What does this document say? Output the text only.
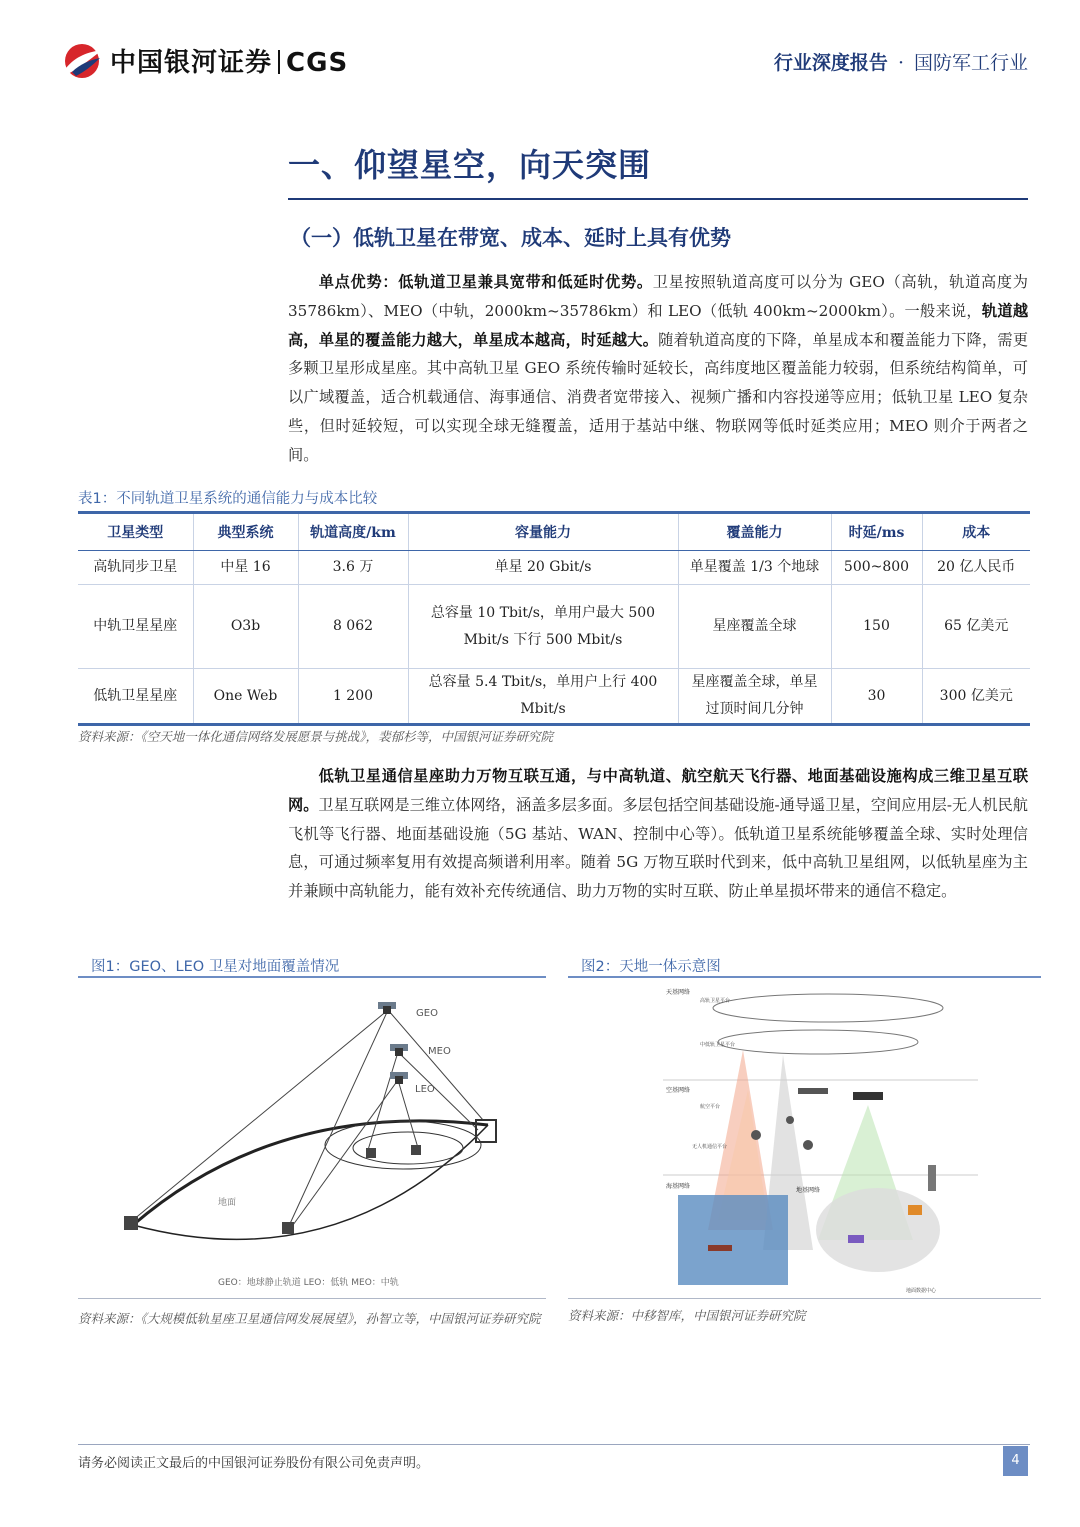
中国银河证券 CGS	行业深度报告 · 国防军工行业
一、仰望星空，向天突围
（一）低轨卫星在带宽、成本、延时上具有优势
单点优势：低轨道卫星兼具宽带和低延时优势。卫星按照轨道高度可以分为 GEO（高轨，轨道高度为 35786km）、MEO（中轨，2000km~35786km）和 LEO（低轨 400km~2000km）。一般来说，轨道越高，单星的覆盖能力越大，单星成本越高，时延越大。随着轨道高度的下降，单星成本和覆盖能力下降，需更多颗卫星形成星座。其中高轨卫星 GEO 系统传输时延较长，高纬度地区覆盖能力较弱，但系统结构简单，可以广域覆盖，适合机载通信、海事通信、消费者宽带接入、视频广播和内容投递等应用；低轨卫星 LEO 复杂些，但时延较短，可以实现全球无缝覆盖，适用于基站中继、物联网等低时延类应用；MEO 则介于两者之间。
表1：不同轨道卫星系统的通信能力与成本比较
卫星类型	典型系统	轨道高度/km	容量能力	覆盖能力	时延/ms	成本
高轨同步卫星	中星 16	3.6 万	单星 20 Gbit/s	单星覆盖 1/3 个地球	500~800	20 亿人民币
中轨卫星星座	O3b	8 062	总容量 10 Tbit/s，单用户最大 500 Mbit/s 下行 500 Mbit/s	星座覆盖全球	150	65 亿美元
低轨卫星星座	One Web	1 200	总容量 5.4 Tbit/s，单用户上行 400 Mbit/s	星座覆盖全球，单星过顶时间几分钟	30	300 亿美元
资料来源：《空天地一体化通信网络发展愿景与挑战》，裴郁杉等，中国银河证券研究院
低轨卫星通信星座助力万物互联互通，与中高轨道、航空航天飞行器、地面基础设施构成三维卫星互联网。卫星互联网是三维立体网络，涵盖多层多面。多层包括空间基础设施-通导遥卫星，空间应用层-无人机民航飞机等飞行器、地面基础设施（5G 基站、WAN、控制中心等）。低轨道卫星系统能够覆盖全球、实时处理信息，可通过频率复用有效提高频谱利用率。随着 5G 万物互联时代到来，低中高轨卫星组网，以低轨星座为主并兼顾中高轨能力，能有效补充传统通信、助力万物的实时互联、防止单星损坏带来的通信不稳定。
图1：GEO、LEO 卫星对地面覆盖情况	图2：天地一体示意图
GEO
MEO
LEO
地面
GEO：地球静止轨道 LEO：低轨 MEO：中轨
天基网络
高轨卫星平台
中低轨卫星平台
空基网络
航空平台
无人机通信平台
海基网络
地基网络
地面数据中心
资料来源：《大规模低轨星座卫星通信网发展展望》，孙智立等，中国银河证券研究院	资料来源：中移智库，中国银河证券研究院
请务必阅读正文最后的中国银河证券股份有限公司免责声明。	4
